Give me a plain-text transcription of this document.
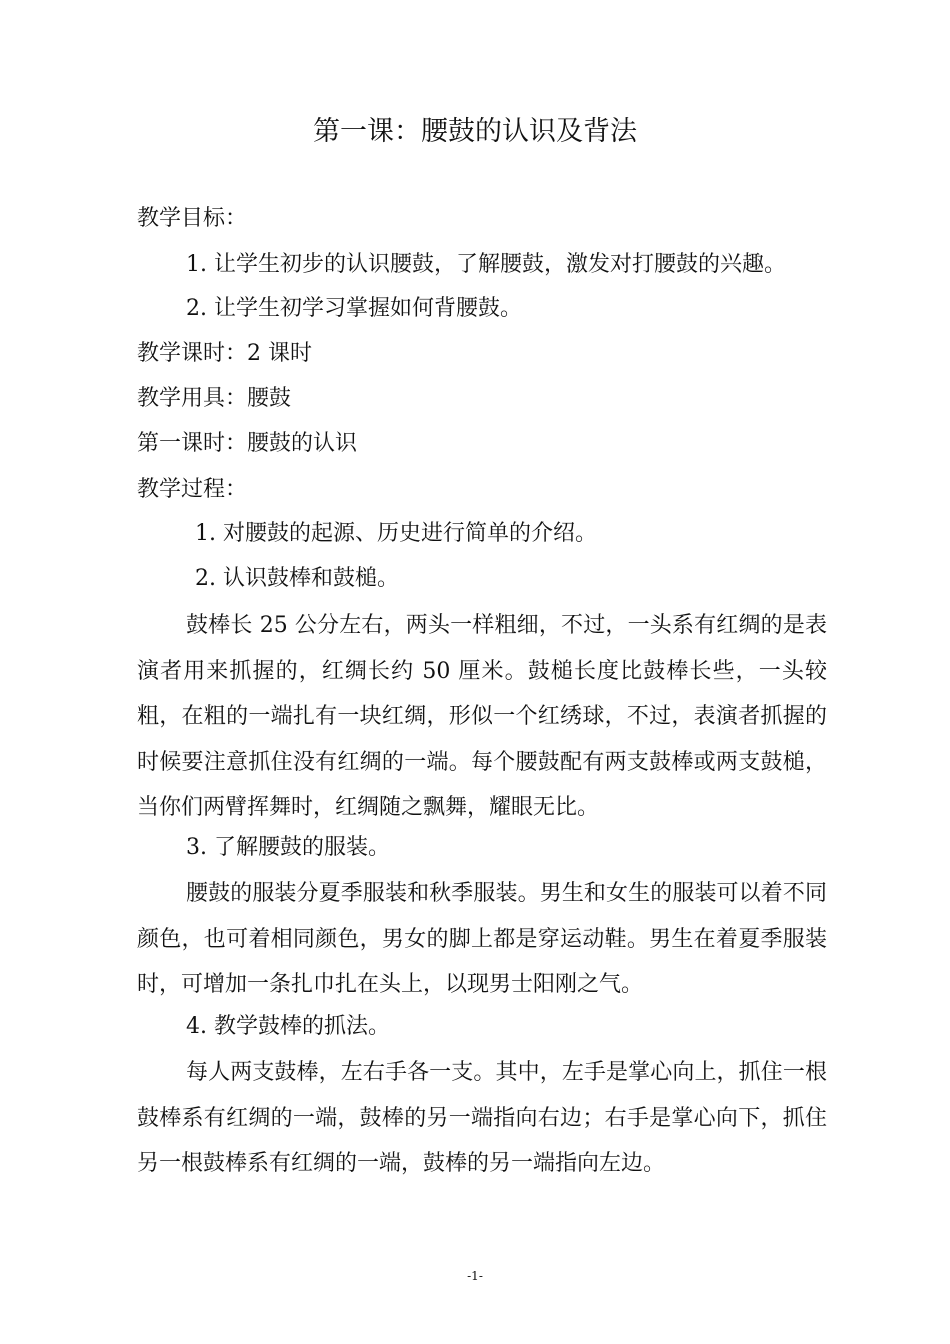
第一课：腰鼓的认识及背法
教学目标：
1. 让学生初步的认识腰鼓，了解腰鼓，激发对打腰鼓的兴趣。
2. 让学生初学习掌握如何背腰鼓。
教学课时：2 课时
教学用具：腰鼓
第一课时：腰鼓的认识
教学过程：
1. 对腰鼓的起源、历史进行简单的介绍。
2. 认识鼓棒和鼓槌。
鼓棒长 25 公分左右，两头一样粗细，不过，一头系有红绸的是表演者用来抓握的，红绸长约 50 厘米。鼓槌长度比鼓棒长些，一头较粗，在粗的一端扎有一块红绸，形似一个红绣球，不过，表演者抓握的时候要注意抓住没有红绸的一端。每个腰鼓配有两支鼓棒或两支鼓槌，当你们两臂挥舞时，红绸随之飘舞，耀眼无比。
3. 了解腰鼓的服装。
腰鼓的服装分夏季服装和秋季服装。男生和女生的服装可以着不同颜色，也可着相同颜色，男女的脚上都是穿运动鞋。男生在着夏季服装时，可增加一条扎巾扎在头上，以现男士阳刚之气。
4. 教学鼓棒的抓法。
每人两支鼓棒，左右手各一支。其中，左手是掌心向上，抓住一根鼓棒系有红绸的一端，鼓棒的另一端指向右边；右手是掌心向下，抓住另一根鼓棒系有红绸的一端，鼓棒的另一端指向左边。
-1-
